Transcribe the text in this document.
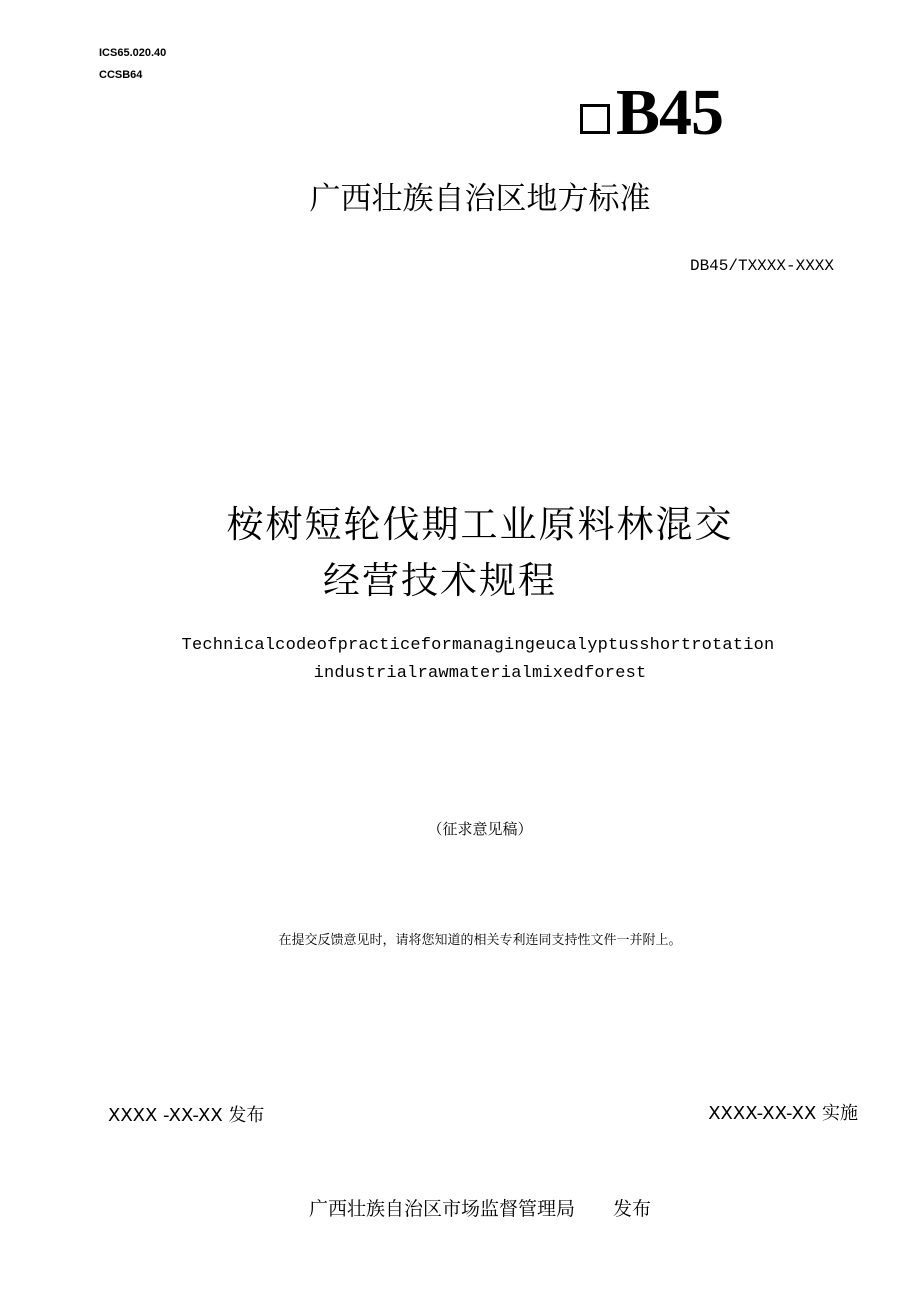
ICS65.020.40
CCSB64
B45
广西壮族自治区地方标准
DB45/TXXXX-XXXX
桉树短轮伐期工业原料林混交
经营技术规程
Technicalcodeofpracticeformanagingeucalyptusshortrotation
industrialrawmaterialmixedforest
（征求意见稿）
在提交反馈意见时，请将您知道的相关专利连同支持性文件一并附上。
XXXX -XX-XX 发布	XXXX-XX-XX 实施
广西壮族自治区市场监督管理局　　发布
